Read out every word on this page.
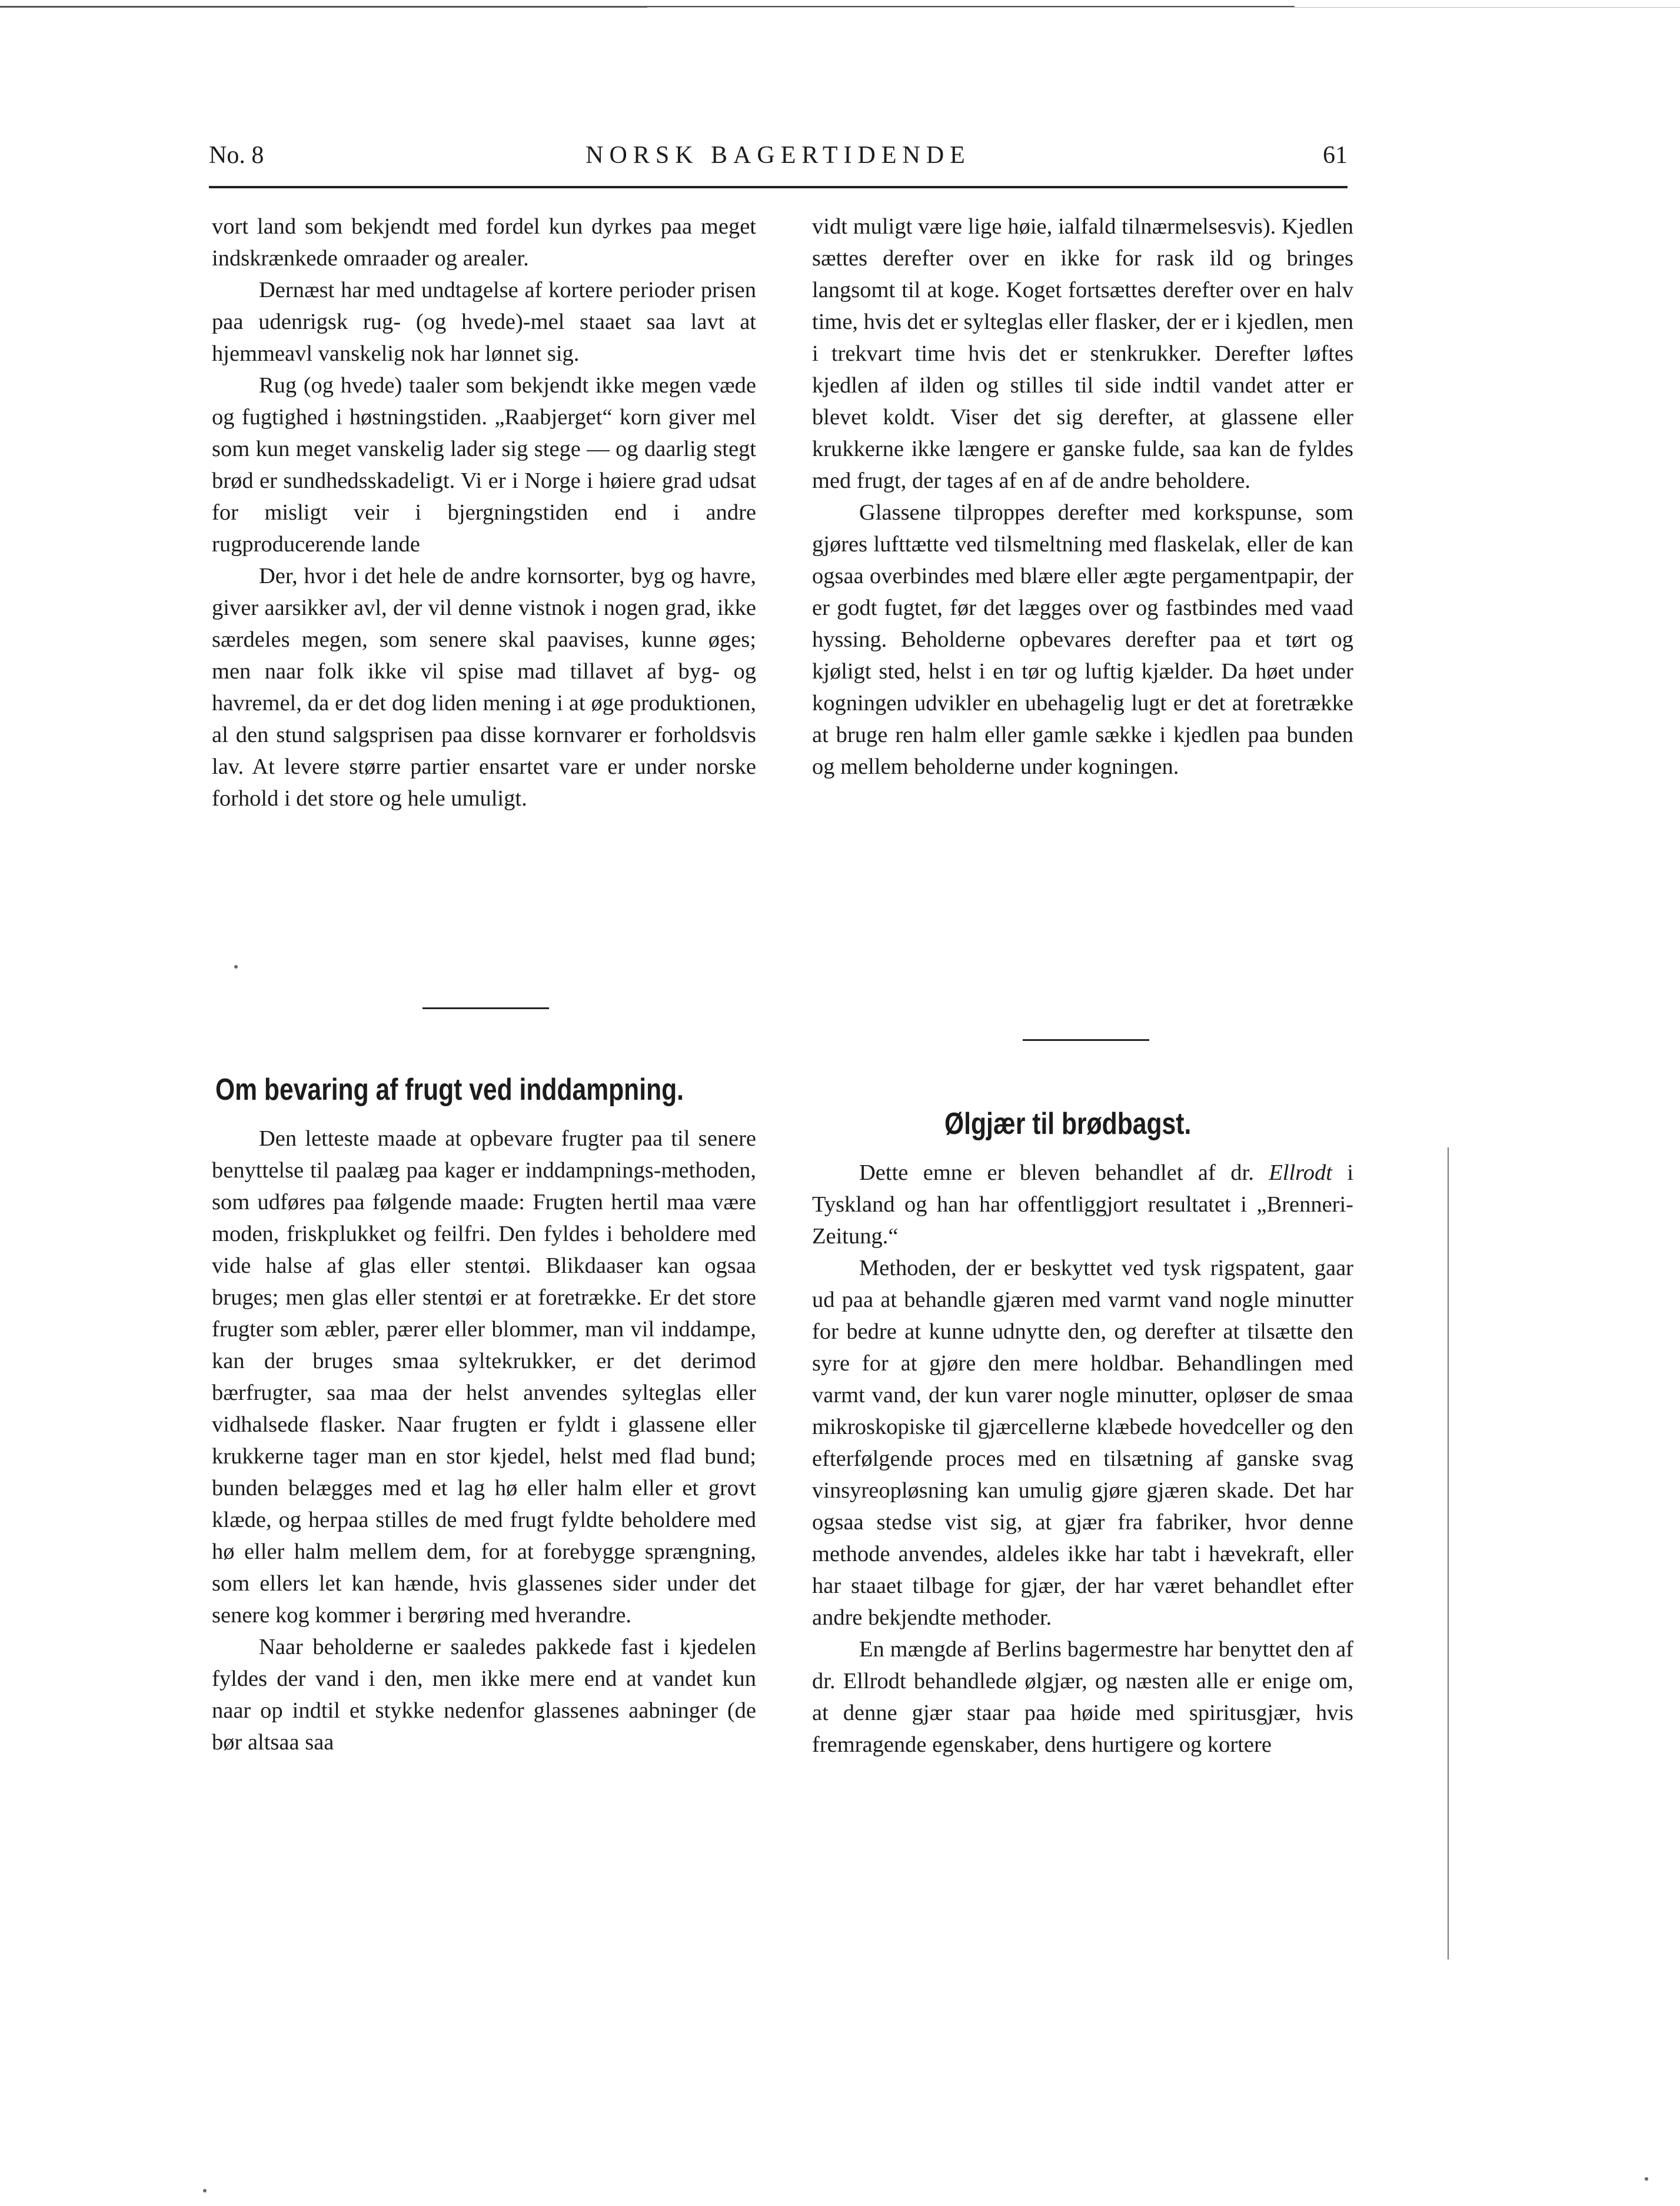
NORSK BAGERTIDENDE
No. 8	61

vort land som bekjendt med fordel kun dyrkes paa meget indskrænkede omraader og arealer.

Dernæst har med undtagelse af kortere perioder prisen paa udenrigsk rug- (og hvede)-mel staaet saa lavt at hjemmeavl vanskelig nok har lønnet sig.

Rug (og hvede) taaler som bekjendt ikke megen væde og fugtighed i høstningstiden. „Raabjerget“ korn giver mel som kun meget vanskelig lader sig stege — og daarlig stegt brød er sundhedsskadeligt. Vi er i Norge i høiere grad udsat for misligt veir i bjergningstiden end i andre rugproducerende lande

Der, hvor i det hele de andre kornsorter, byg og havre, giver aarsikker avl, der vil denne vistnok i nogen grad, ikke særdeles megen, som senere skal paavises, kunne øges; men naar folk ikke vil spise mad tillavet af byg- og havremel, da er det dog liden mening i at øge produktionen, al den stund salgsprisen paa disse kornvarer er forholdsvis lav. At levere større partier ensartet vare er under norske forhold i det store og hele umuligt.

vidt muligt være lige høie, ialfald tilnærmelsesvis). Kjedlen sættes derefter over en ikke for rask ild og bringes langsomt til at koge. Koget fortsættes derefter over en halv time, hvis det er sylteglas eller flasker, der er i kjedlen, men i trekvart time hvis det er stenkrukker. Derefter løftes kjedlen af ilden og stilles til side indtil vandet atter er blevet koldt. Viser det sig derefter, at glassene eller krukkerne ikke længere er ganske fulde, saa kan de fyldes med frugt, der tages af en af de andre beholdere.

Glassene tilproppes derefter med korkspunse, som gjøres lufttætte ved tilsmeltning med flaskelak, eller de kan ogsaa overbindes med blære eller ægte pergamentpapir, der er godt fugtet, før det lægges over og fastbindes med vaad hyssing. Beholderne opbevares derefter paa et tørt og kjøligt sted, helst i en tør og luftig kjælder. Da høet under kogningen udvikler en ubehagelig lugt er det at foretrække at bruge ren halm eller gamle sække i kjedlen paa bunden og mellem beholderne under kogningen.

Om bevaring af frugt ved inddampning.
Ølgjær til brødbagst.

Den letteste maade at opbevare frugter paa til senere benyttelse til paalæg paa kager er inddampnings-methoden, som udføres paa følgende maade: Frugten hertil maa være moden, friskplukket og feilfri. Den fyldes i beholdere med vide halse af glas eller stentøi. Blikdaaser kan ogsaa bruges; men glas eller stentøi er at foretrække. Er det store frugter som æbler, pærer eller blommer, man vil inddampe, kan der bruges smaa syltekrukker, er det derimod bærfrugter, saa maa der helst anvendes sylteglas eller vidhalsede flasker. Naar frugten er fyldt i glassene eller krukkerne tager man en stor kjedel, helst med flad bund; bunden belægges med et lag hø eller halm eller et grovt klæde, og herpaa stilles de med frugt fyldte beholdere med hø eller halm mellem dem, for at forebygge sprængning, som ellers let kan hænde, hvis glassenes sider under det senere kog kommer i berøring med hverandre.

Naar beholderne er saaledes pakkede fast i kjedelen fyldes der vand i den, men ikke mere end at vandet kun naar op indtil et stykke nedenfor glassenes aabninger (de bør altsaa saa

Dette emne er bleven behandlet af dr. Ellrodt i Tyskland og han har offentliggjort resultatet i „Brenneri-Zeitung.“

Methoden, der er beskyttet ved tysk rigspatent, gaar ud paa at behandle gjæren med varmt vand nogle minutter for bedre at kunne udnytte den, og derefter at tilsætte den syre for at gjøre den mere holdbar. Behandlingen med varmt vand, der kun varer nogle minutter, opløser de smaa mikroskopiske til gjærcellerne klæbede hovedceller og den efterfølgende proces med en tilsætning af ganske svag vinsyreopløsning kan umulig gjøre gjæren skade. Det har ogsaa stedse vist sig, at gjær fra fabriker, hvor denne methode anvendes, aldeles ikke har tabt i hævekraft, eller har staaet tilbage for gjær, der har været behandlet efter andre bekjendte methoder.

En mængde af Berlins bagermestre har benyttet den af dr. Ellrodt behandlede ølgjær, og næsten alle er enige om, at denne gjær staar paa høide med spiritusgjær, hvis fremragende egenskaber, dens hurtigere og kortere
